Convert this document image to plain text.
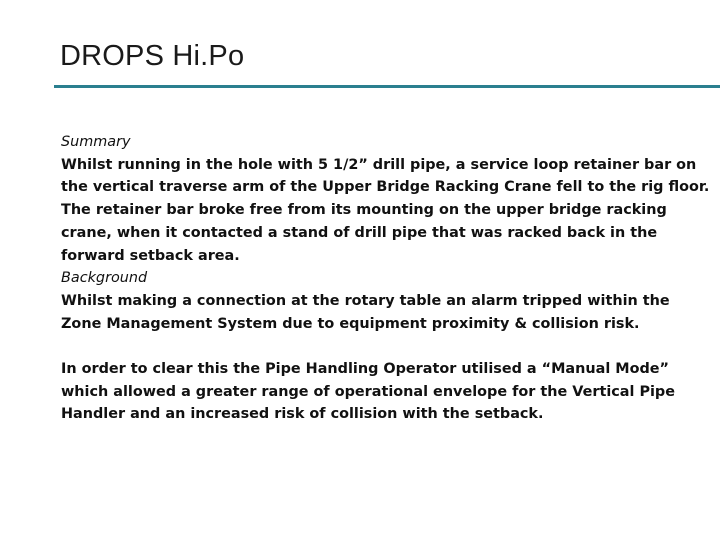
DROPS Hi.Po

Summary

Whilst running in the hole with 5 1/2” drill pipe, a service loop retainer bar on the vertical traverse arm of the Upper Bridge Racking Crane fell to the rig floor. The retainer bar broke free from its mounting on the upper bridge racking crane, when it contacted a stand of drill pipe that was racked back in the forward setback area.

Background

Whilst making a connection at the rotary table an alarm tripped within the Zone Management System due to equipment proximity & collision risk.

In order to clear this the Pipe Handling Operator utilised a “Manual Mode” which allowed a greater range of operational envelope for the Vertical Pipe Handler and an increased risk of collision with the setback.
